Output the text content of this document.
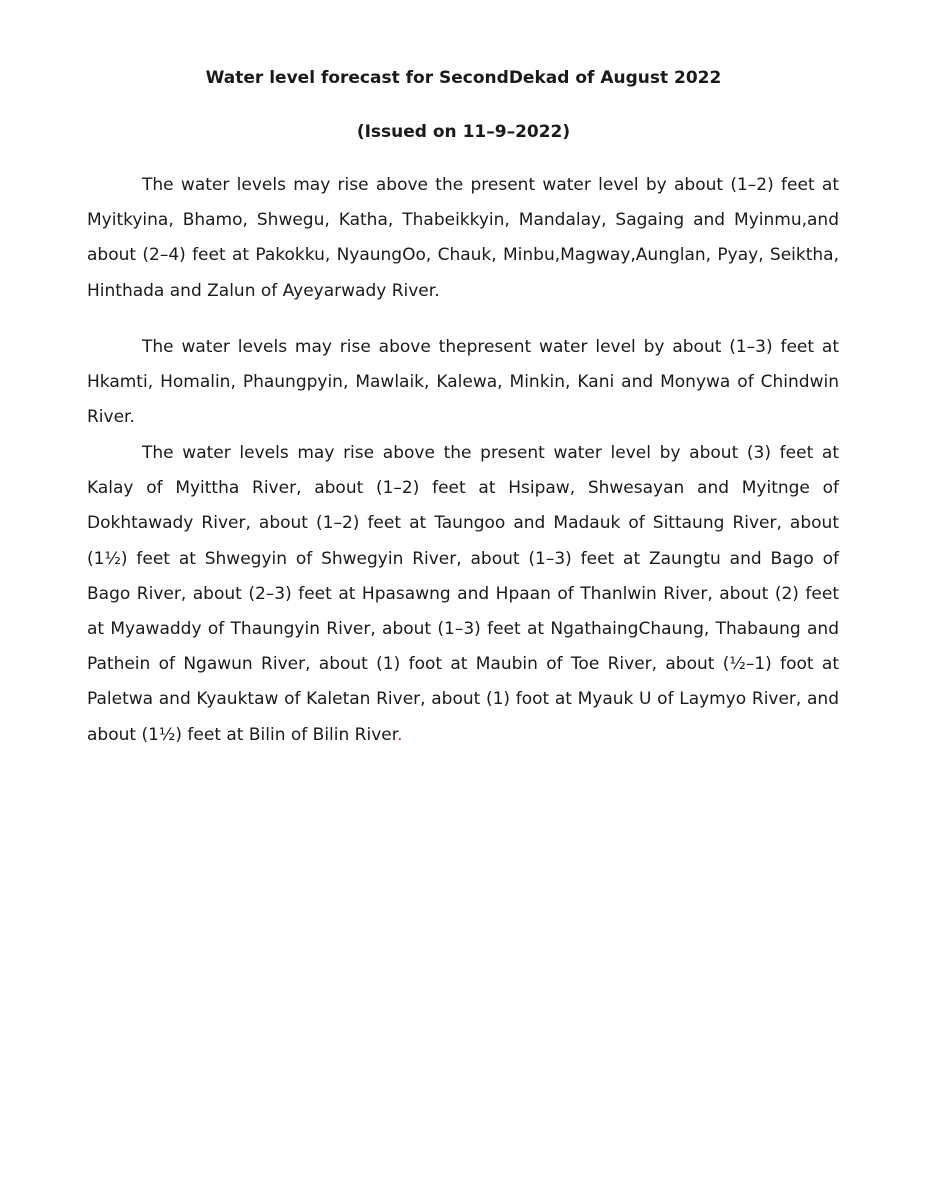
Water level forecast for SecondDekad of August 2022
(Issued on 11–9–2022)

The water levels may rise above the present water level by about (1–2) feet at Myitkyina, Bhamo, Shwegu, Katha, Thabeikkyin, Mandalay, Sagaing and Myinmu,and about (2–4) feet at Pakokku, NyaungOo, Chauk, Minbu,Magway,Aunglan, Pyay, Seiktha, Hinthada and Zalun of Ayeyarwady River.

The water levels may rise above thepresent water level by about (1–3) feet at Hkamti, Homalin, Phaungpyin, Mawlaik, Kalewa, Minkin, Kani and Monywa of Chindwin River.

The water levels may rise above the present water level by about (3) feet at Kalay of Myittha River, about (1–2) feet at Hsipaw, Shwesayan and Myitnge of Dokhtawady River, about (1–2) feet at Taungoo and Madauk of Sittaung River, about (1½) feet at Shwegyin of Shwegyin River, about (1–3) feet at Zaungtu and Bago of Bago River, about (2–3) feet at Hpasawng and Hpaan of Thanlwin River, about (2) feet at Myawaddy of Thaungyin River, about (1–3) feet at NgathaingChaung, Thabaung and Pathein of Ngawun River, about (1) foot at Maubin of Toe River, about (½–1) foot at Paletwa and Kyauktaw of Kaletan River, about (1) foot at Myauk U of Laymyo River, and about (1½) feet at Bilin of Bilin River.
